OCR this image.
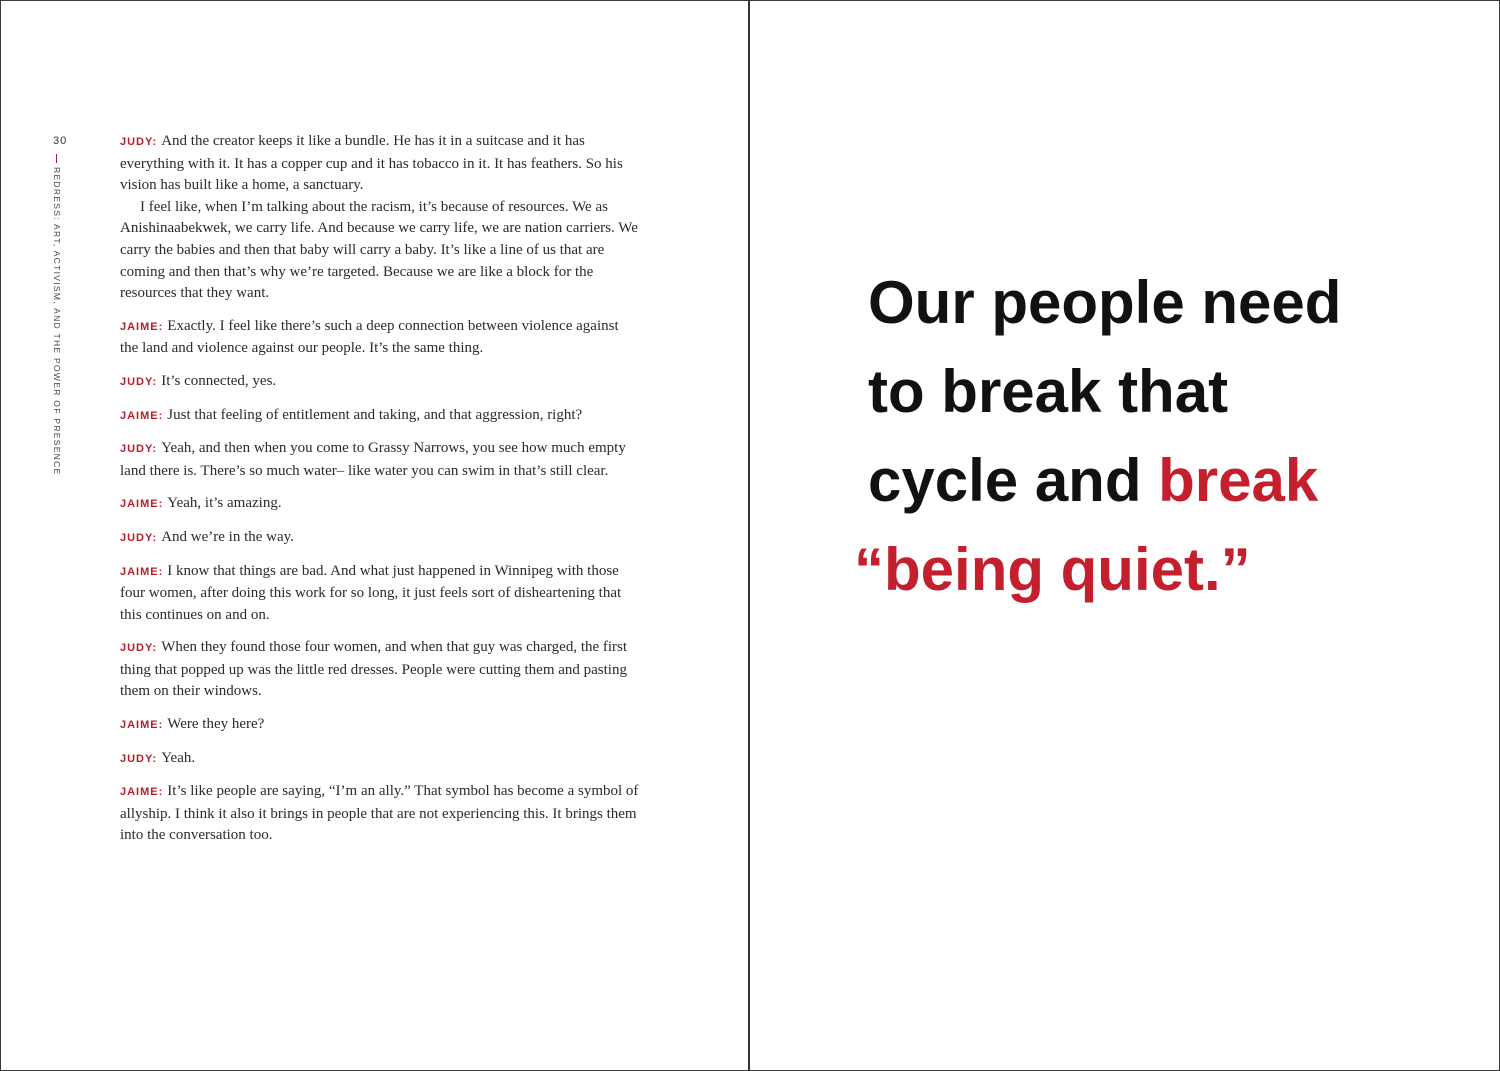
30
REDRESS: ART, ACTIVISM, AND THE POWER OF PRESENCE

JUDY: And the creator keeps it like a bundle. He has it in a suitcase and it has everything with it. It has a copper cup and it has tobacco in it. It has feathers. So his vision has built like a home, a sanctuary.

I feel like, when I’m talking about the racism, it’s because of resources. We as Anishinaabekwek, we carry life. And because we carry life, we are nation carriers. We carry the babies and then that baby will carry a baby. It’s like a line of us that are coming and then that’s why we’re targeted. Because we are like a block for the resources that they want.

JAIME: Exactly. I feel like there’s such a deep connection between violence against the land and violence against our people. It’s the same thing.

JUDY: It’s connected, yes.

JAIME: Just that feeling of entitlement and taking, and that aggression, right?

JUDY: Yeah, and then when you come to Grassy Narrows, you see how much empty land there is. There’s so much water– like water you can swim in that’s still clear.

JAIME: Yeah, it’s amazing.

JUDY: And we’re in the way.

JAIME: I know that things are bad. And what just happened in Winnipeg with those four women, after doing this work for so long, it just feels sort of disheartening that this continues on and on.

JUDY: When they found those four women, and when that guy was charged, the first thing that popped up was the little red dresses. People were cutting them and pasting them on their windows.

JAIME: Were they here?

JUDY: Yeah.

JAIME: It’s like people are saying, “I’m an ally.” That symbol has become a symbol of allyship. I think it also it brings in people that are not experiencing this. It brings them into the conversation too.

Our people need
to break that
cycle and break
“being quiet.”
